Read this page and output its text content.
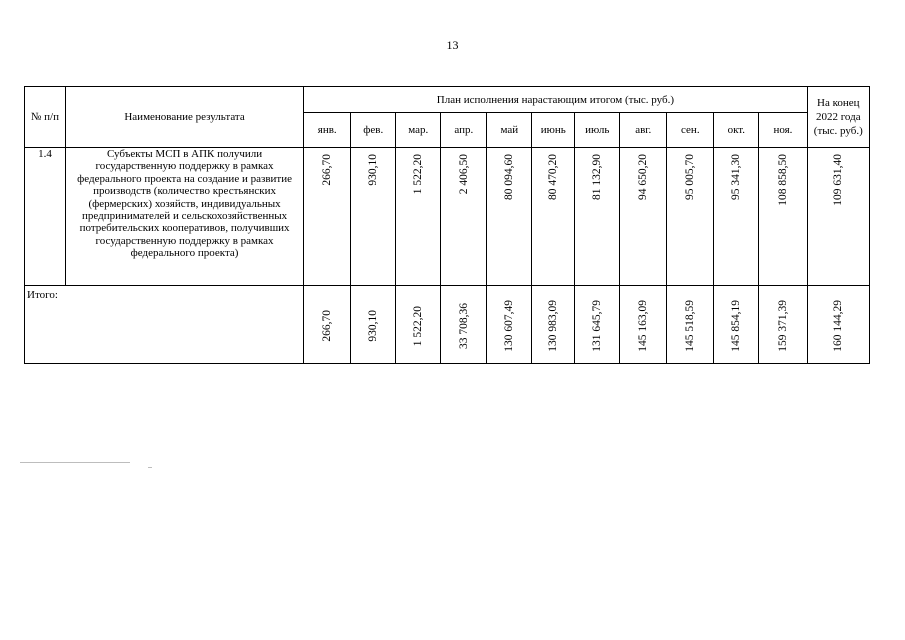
13
№ п/п	Наименование результата	План исполнения нарастающим итогом (тыс. руб.)											На конец
2022 года
(тыс. руб.)

		янв.	фев.	мар.	апр.	май	июнь	июль	авг.	сен.	окт.	ноя.	
1.4	Субъекты МСП в АПК получили государственную поддержку в рамках федерального проекта на создание и развитие производств (количество крестьянских (фермерских) хозяйств, индивидуальных предпринимателей и сельскохозяйственных потребительских кооперативов, получивших государственную поддержку в рамках федерального проекта)	266,70	930,10	1 522,20	2 406,50	80 094,60	80 470,20	81 132,90	94 650,20	95 005,70	95 341,30	108 858,50	109 631,40
Итого:		266,70	930,10	1 522,20	33 708,36	130 607,49	130 983,09	131 645,79	145 163,09	145 518,59	145 854,19	159 371,39	160 144,29
